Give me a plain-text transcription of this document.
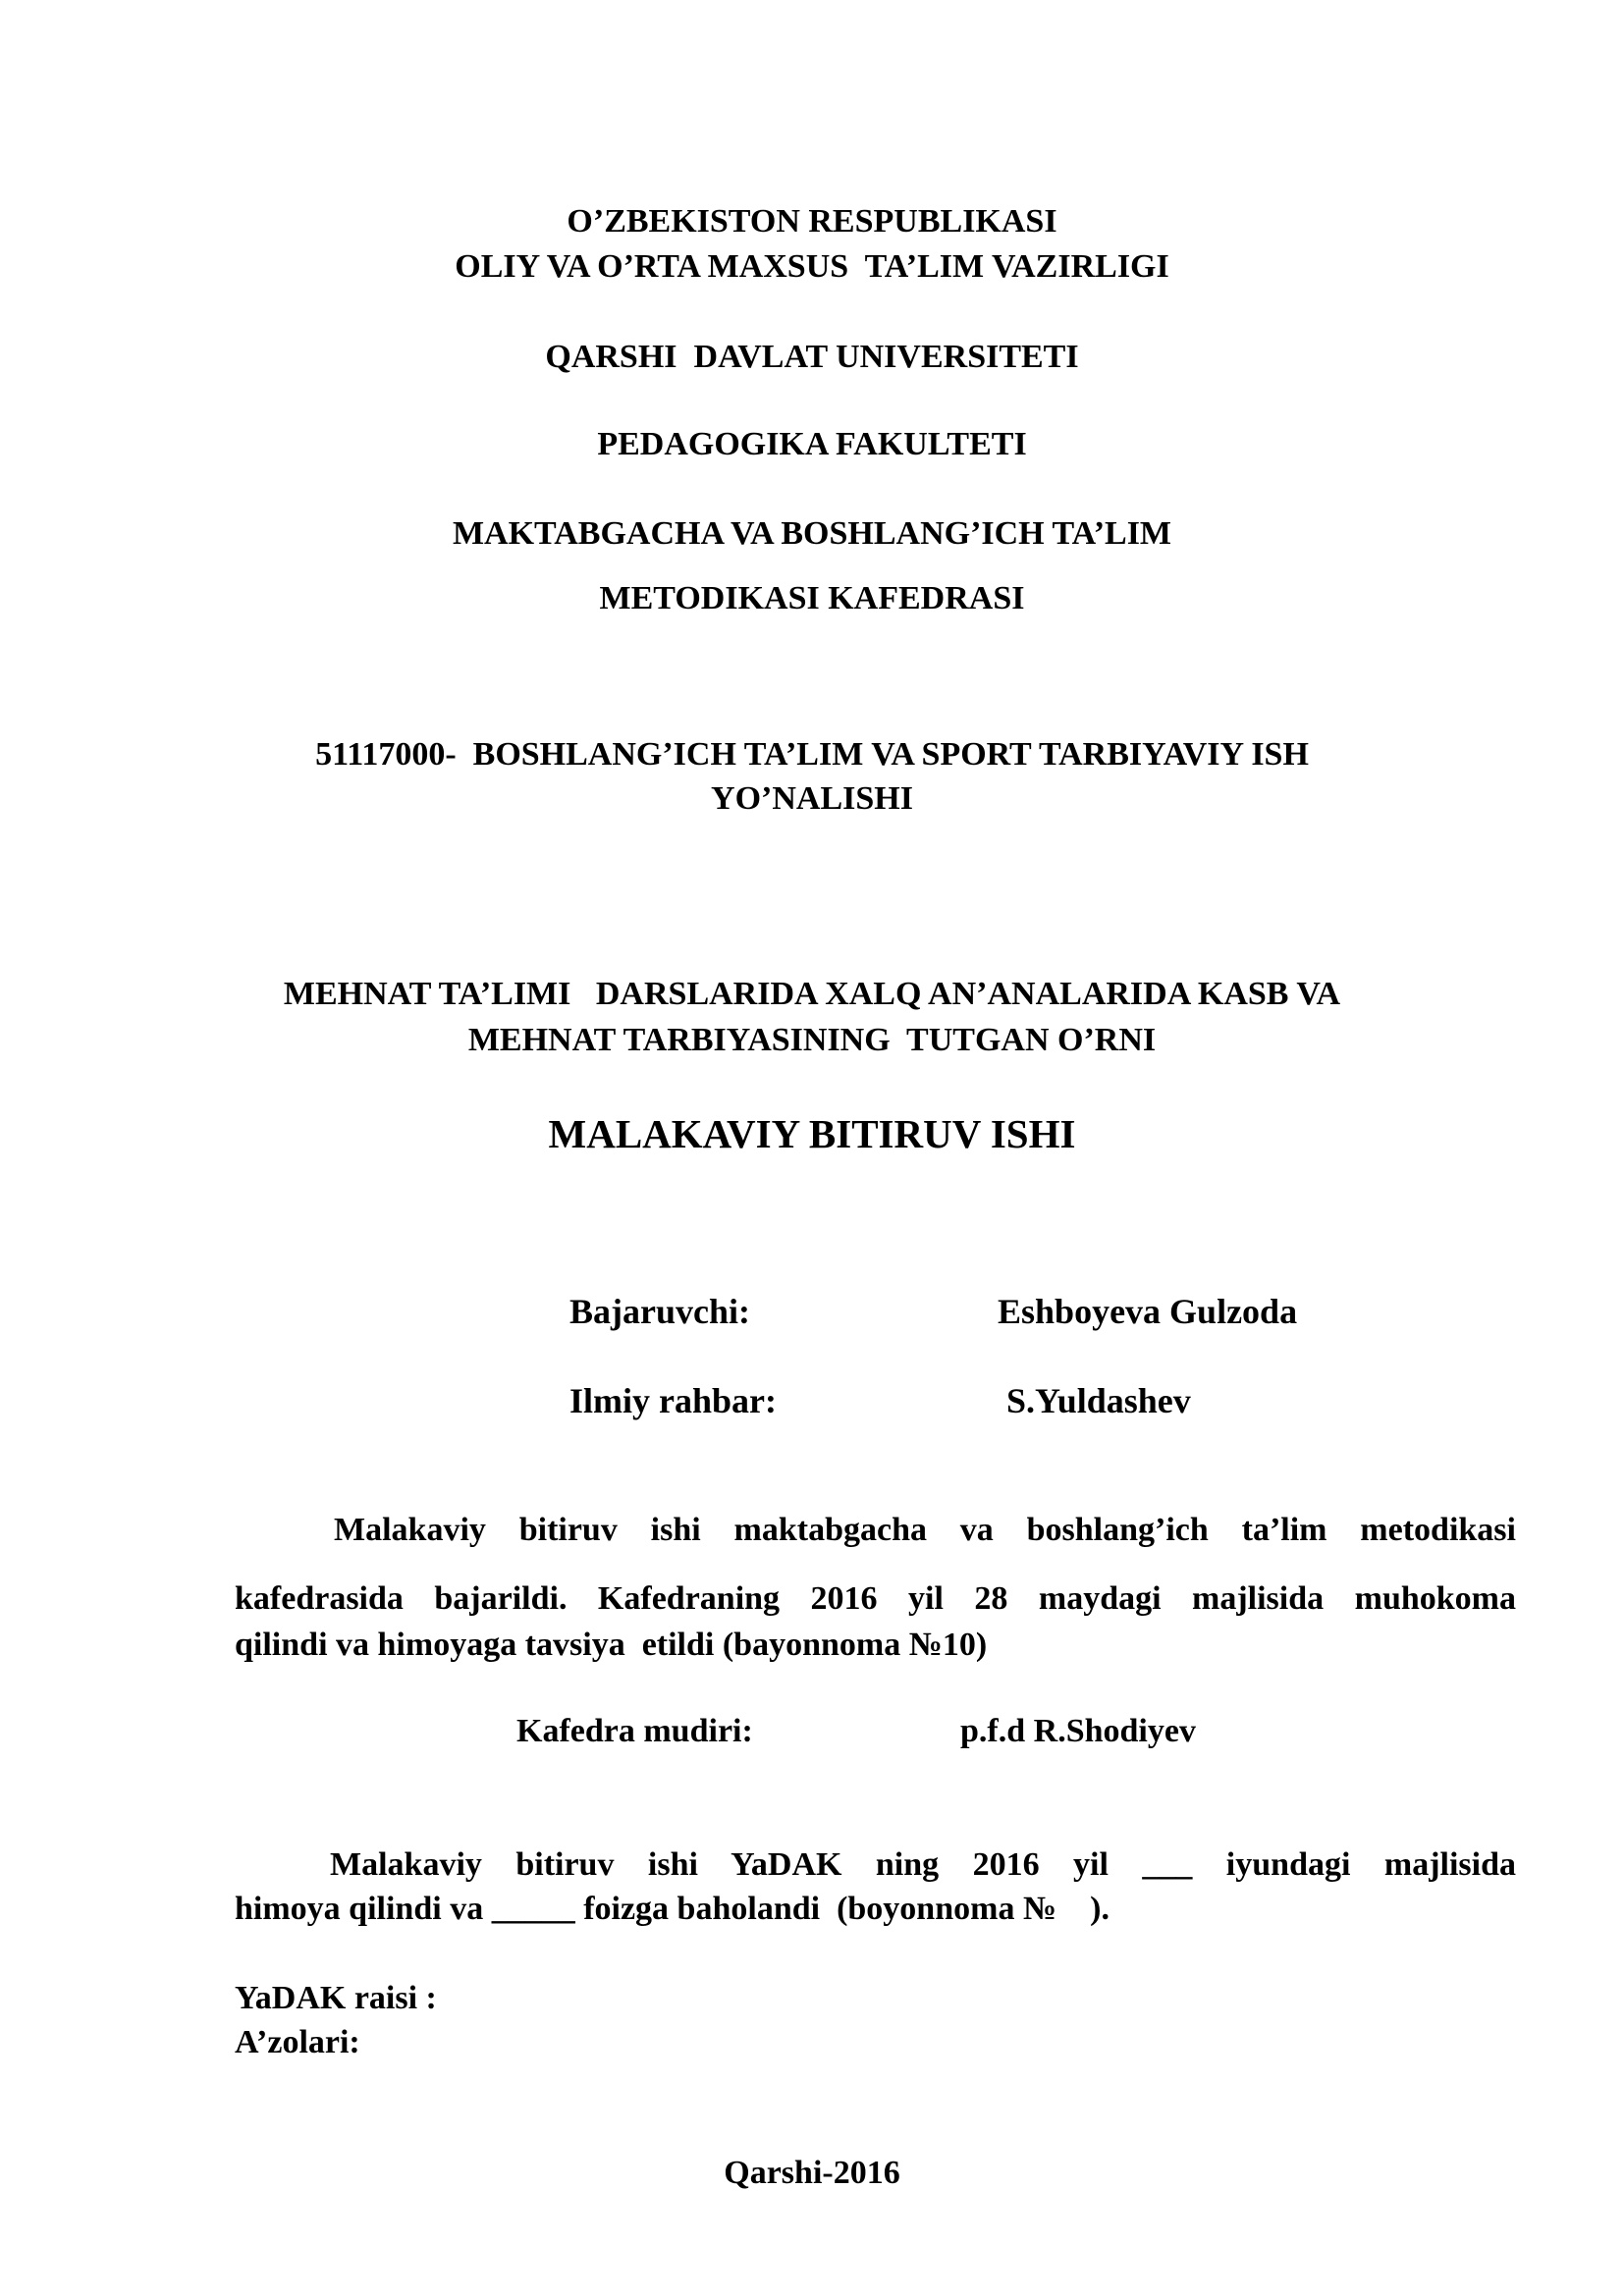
O’ZBEKISTON RESPUBLIKASI
OLIY VA O’RTA MAXSUS  TA’LIM VAZIRLIGI
QARSHI  DAVLAT UNIVERSITETI
PEDAGOGIKA FAKULTETI
MAKTABGACHA VA BOSHLANG’ICH TA’LIM
METODIKASI KAFEDRASI
51117000-  BOSHLANG’ICH TA’LIM VA SPORT TARBIYAVIY ISH
YO’NALISHI
MEHNAT TA’LIMI   DARSLARIDA XALQ AN’ANALARIDA KASB VA
MEHNAT TARBIYASINING  TUTGAN O’RNI
MALAKAVIY BITIRUV ISHI
Bajaruvchi:	Eshboyeva Gulzoda
Ilmiy rahbar:	S.Yuldashev
Malakaviy bitiruv ishi maktabgacha va boshlang’ich ta’lim metodikasi
kafedrasida bajarildi. Kafedraning 2016 yil 28 maydagi majlisida muhokoma
qilindi va himoyaga tavsiya  etildi (bayonnoma №10)
Kafedra mudiri:	p.f.d R.Shodiyev
Malakaviy bitiruv ishi YaDAK ning 2016 yil ___ iyundagi majlisida
himoya qilindi va _____ foizga baholandi  (boyonnoma №    ).
YaDAK raisi :
A’zolari:
Qarshi-2016
